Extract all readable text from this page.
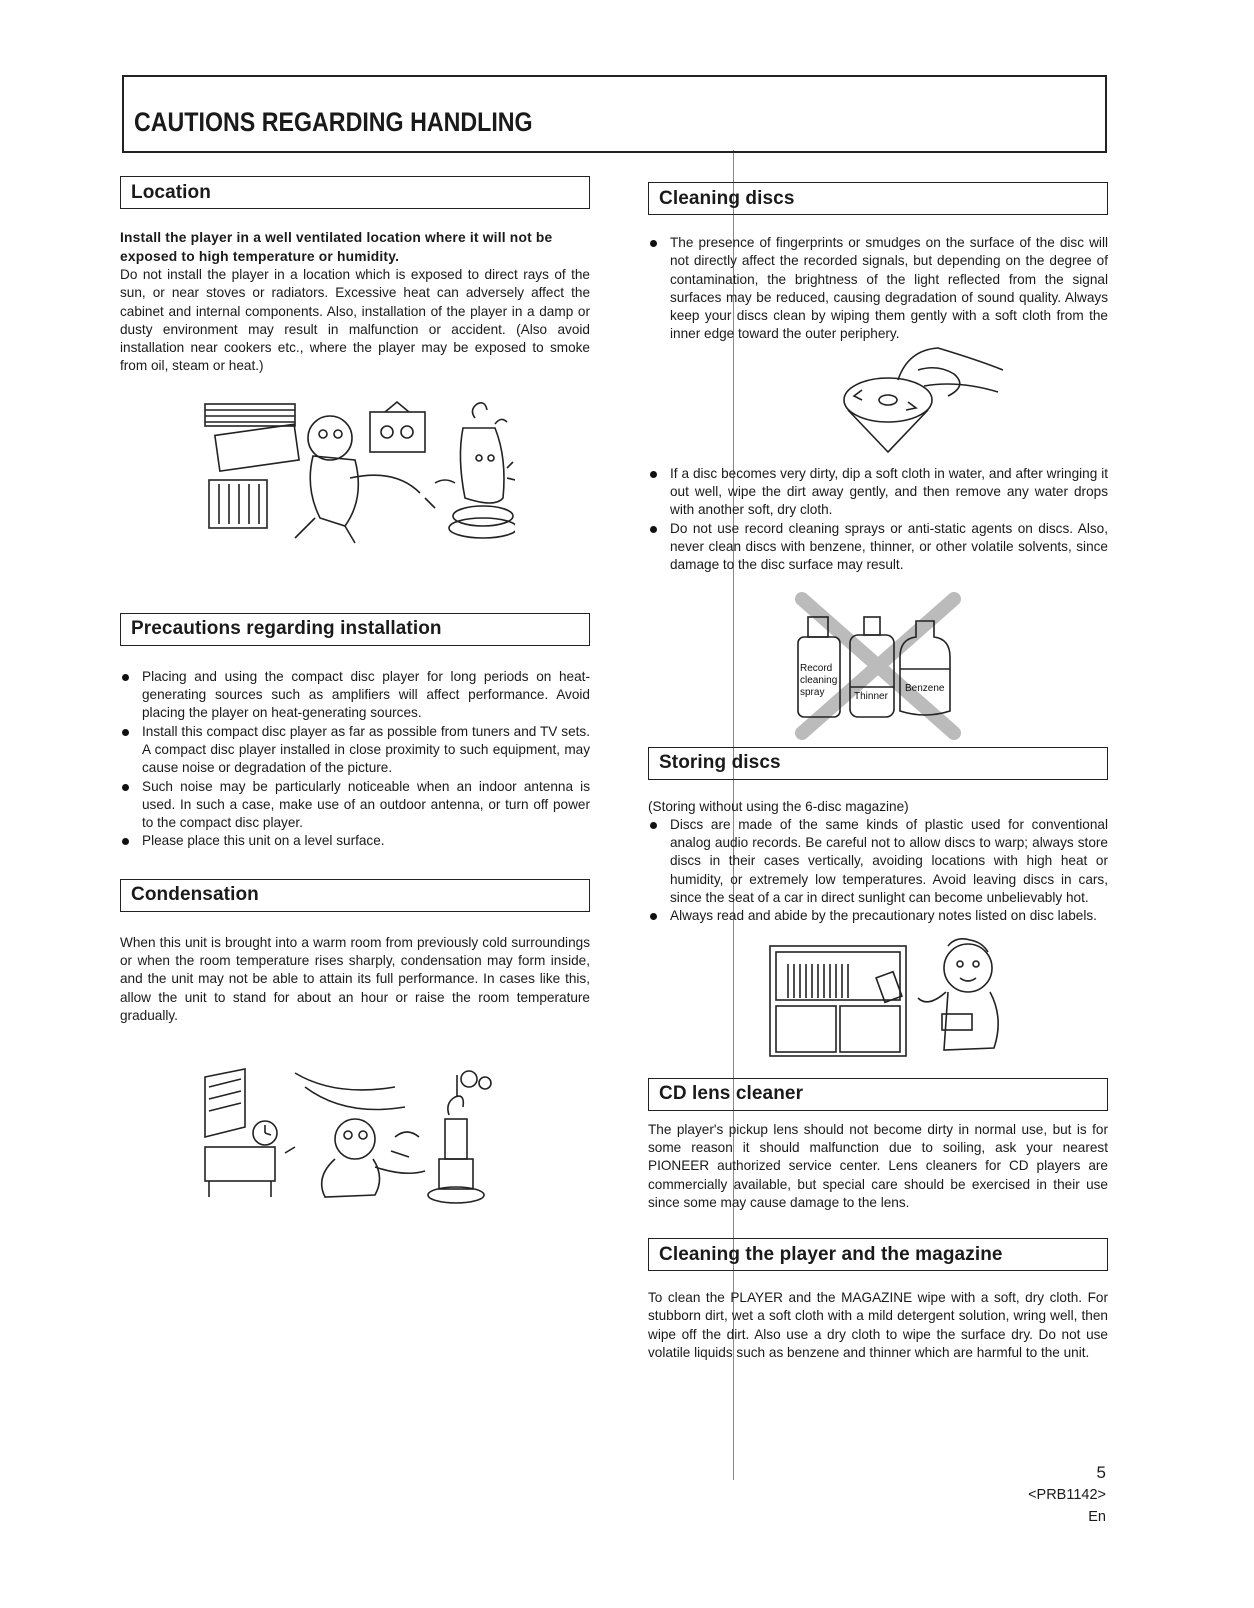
CAUTIONS REGARDING HANDLING
Location

Install the player in a well ventilated location where it will not be exposed to high temperature or humidity.

Do not install the player in a location which is exposed to direct rays of the sun, or near stoves or radiators. Excessive heat can adversely affect the cabinet and internal components. Also, installation of the player in a damp or dusty environment may result in malfunction or accident. (Also avoid installation near cookers etc., where the player may be exposed to smoke from oil, steam or heat.)

Precautions regarding installation
Placing and using the compact disc player for long periods on heat-generating sources such as amplifiers will affect performance. Avoid placing the player on heat-generating sources.
Install this compact disc player as far as possible from tuners and TV sets. A compact disc player installed in close proximity to such equipment, may cause noise or degradation of the picture.
Such noise may be particularly noticeable when an indoor antenna is used. In such a case, make use of an outdoor antenna, or turn off power to the compact disc player.
Please place this unit on a level surface.
Condensation

When this unit is brought into a warm room from previously cold surroundings or when the room temperature rises sharply, condensation may form inside, and the unit may not be able to attain its full performance. In cases like this, allow the unit to stand for about an hour or raise the room temperature gradually.

Cleaning discs
The presence of fingerprints or smudges on the surface of the disc will not directly affect the recorded signals, but depending on the degree of contamination, the brightness of the light reflected from the signal surfaces may be reduced, causing degradation of sound quality. Always keep your discs clean by wiping them gently with a soft cloth from the inner edge toward the outer periphery.
If a disc becomes very dirty, dip a soft cloth in water, and after wringing it out well, wipe the dirt away gently, and then remove any water drops with another soft, dry cloth.
Do not use record cleaning sprays or anti-static agents on discs. Also, never clean discs with benzene, thinner, or other volatile solvents, since damage to the disc surface may result.
Record
cleaning
spray	Thinner
Benzene
Storing discs

(Storing without using the 6-disc magazine)

Discs are made of the same kinds of plastic used for conventional analog audio records. Be careful not to allow discs to warp; always store discs in their cases vertically, avoiding locations with high heat or humidity, or extremely low temperatures. Avoid leaving discs in cars, since the seat of a car in direct sunlight can become unbelievably hot.
Always read and abide by the precautionary notes listed on disc labels.
CD lens cleaner

The player's pickup lens should not become dirty in normal use, but is for some reason it should malfunction due to soiling, ask your nearest PIONEER authorized service center. Lens cleaners for CD players are commercially available, but special care should be exercised in their use since some may cause damage to the lens.

Cleaning the player and the magazine

To clean the PLAYER and the MAGAZINE wipe with a soft, dry cloth. For stubborn dirt, wet a soft cloth with a mild detergent solution, wring well, then wipe off the dirt. Also use a dry cloth to wipe the surface dry. Do not use volatile liquids such as benzene and thinner which are harmful to the unit.

5
<PRB1142>
En
